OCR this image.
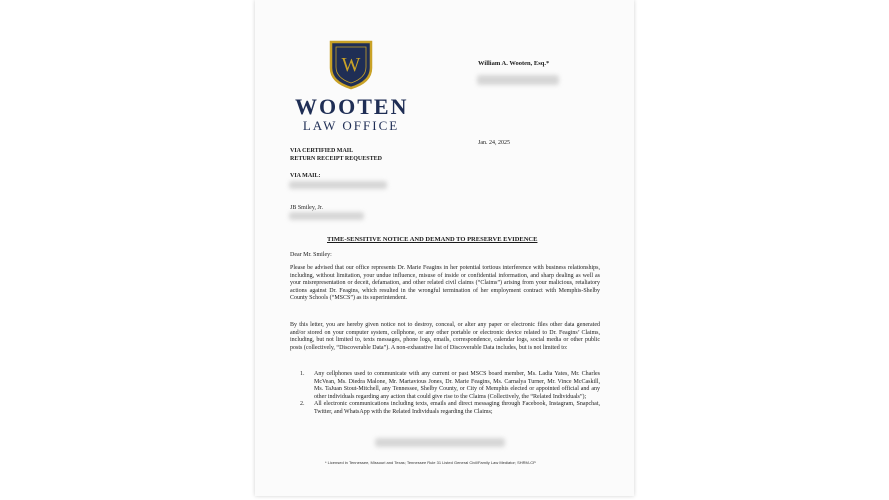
W
WOOTEN
LAW OFFICE
William A. Wooten, Esq.*
Jan. 24, 2025
VIA CERTIFIED MAIL
RETURN RECEIPT REQUESTED
VIA MAIL:
JB Smiley, Jr.
TIME-SENSITIVE NOTICE AND DEMAND TO PRESERVE EVIDENCE
Dear Mr. Smiley:
Please be advised that our office represents Dr. Marie Feagins in her potential tortious interference with business relationships, including, without limitation, your undue influence, misuse of inside or confidential information, and sharp dealing as well as your misrepresentation or deceit, defamation, and other related civil claims (“Claims”) arising from your malicious, retaliatory actions against Dr. Feagins, which resulted in the wrongful termination of her employment contract with Memphis-Shelby County Schools (“MSCS”) as its superintendent.
By this letter, you are hereby given notice not to destroy, conceal, or alter any paper or electronic files other data generated and/or stored on your computer system, cellphone, or any other portable or electronic device related to Dr. Feagins’ Claims, including, but not limited to, texts messages, phone logs, emails, correspondence, calendar logs, social media or other public posts (collectively, “Discoverable Data”). A non-exhaustive list of Discoverable Data includes, but is not limited to:
1. Any cellphones used to communicate with any current or past MSCS board member, Ms. Ladia Yates, Mr. Charles McVean, Ms. Diedra Malone, Mr. Martavious Jones, Dr. Marie Feagins, Ms. Carnalya Turner, Mr. Vince McCaskill, Ms. TaJuan Stout-Mitchell, any Tennessee, Shelby County, or City of Memphis elected or appointed official and any other individuals regarding any action that could give rise to the Claims (Collectively, the “Related Individuals”);
2. All electronic communications including texts, emails and direct messaging through Facebook, Instagram, Snapchat, Twitter, and WhatsApp with the Related Individuals regarding the Claims;
* Licensed in Tennessee, Missouri and Texas; Tennessee Rule 31 Listed General Civil/Family Law Mediator; SHRM-CP
